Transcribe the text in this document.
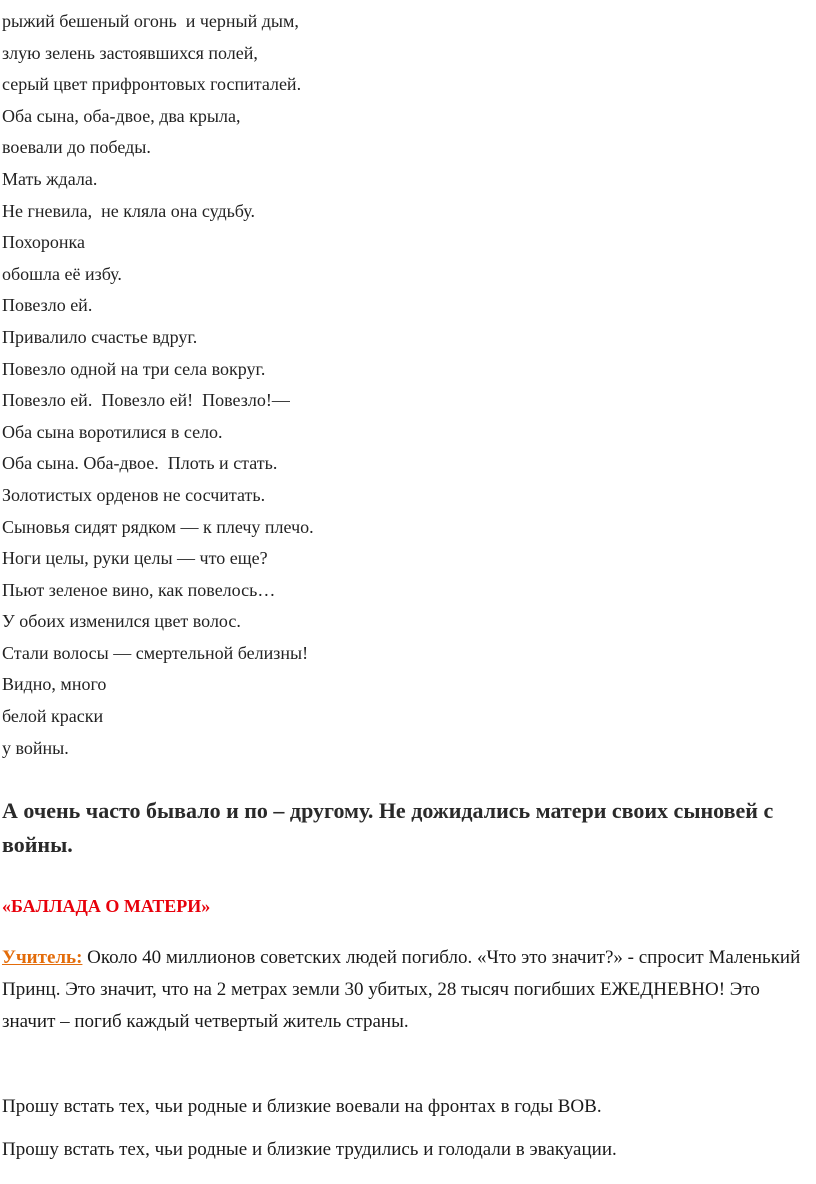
рыжий бешеный огонь  и черный дым,
злую зелень застоявшихся полей,
серый цвет прифронтовых госпиталей.
Оба сына, оба-двое, два крыла,
воевали до победы.
Мать ждала.
Не гневила,  не кляла она судьбу.
Похоронка
обошла её избу.
Повезло ей.
Привалило счастье вдруг.
Повезло одной на три села вокруг.
Повезло ей.  Повезло ей!  Повезло!—
Оба сына воротилися в село.
Оба сына. Оба-двое.  Плоть и стать.
Золотистых орденов не сосчитать.
Сыновья сидят рядком — к плечу плечо.
Ноги целы, руки целы — что еще?
Пьют зеленое вино, как повелось…
У обоих изменился цвет волос.
Стали волосы — смертельной белизны!
Видно, много
белой краски
у войны.

А очень часто бывало и по – другому. Не дожидались матери своих сыновей с войны.

«БАЛЛАДА О МАТЕРИ»

Учитель: Около 40 миллионов советских людей погибло. «Что это значит?» - спросит Маленький Принц. Это значит, что на 2 метрах земли 30 убитых, 28 тысяч погибших ЕЖЕДНЕВНО! Это значит – погиб каждый четвертый житель страны.

Прошу встать тех, чьи родные и близкие воевали на фронтах в годы ВОВ.

Прошу встать тех, чьи родные и близкие трудились и голодали в эвакуации.
